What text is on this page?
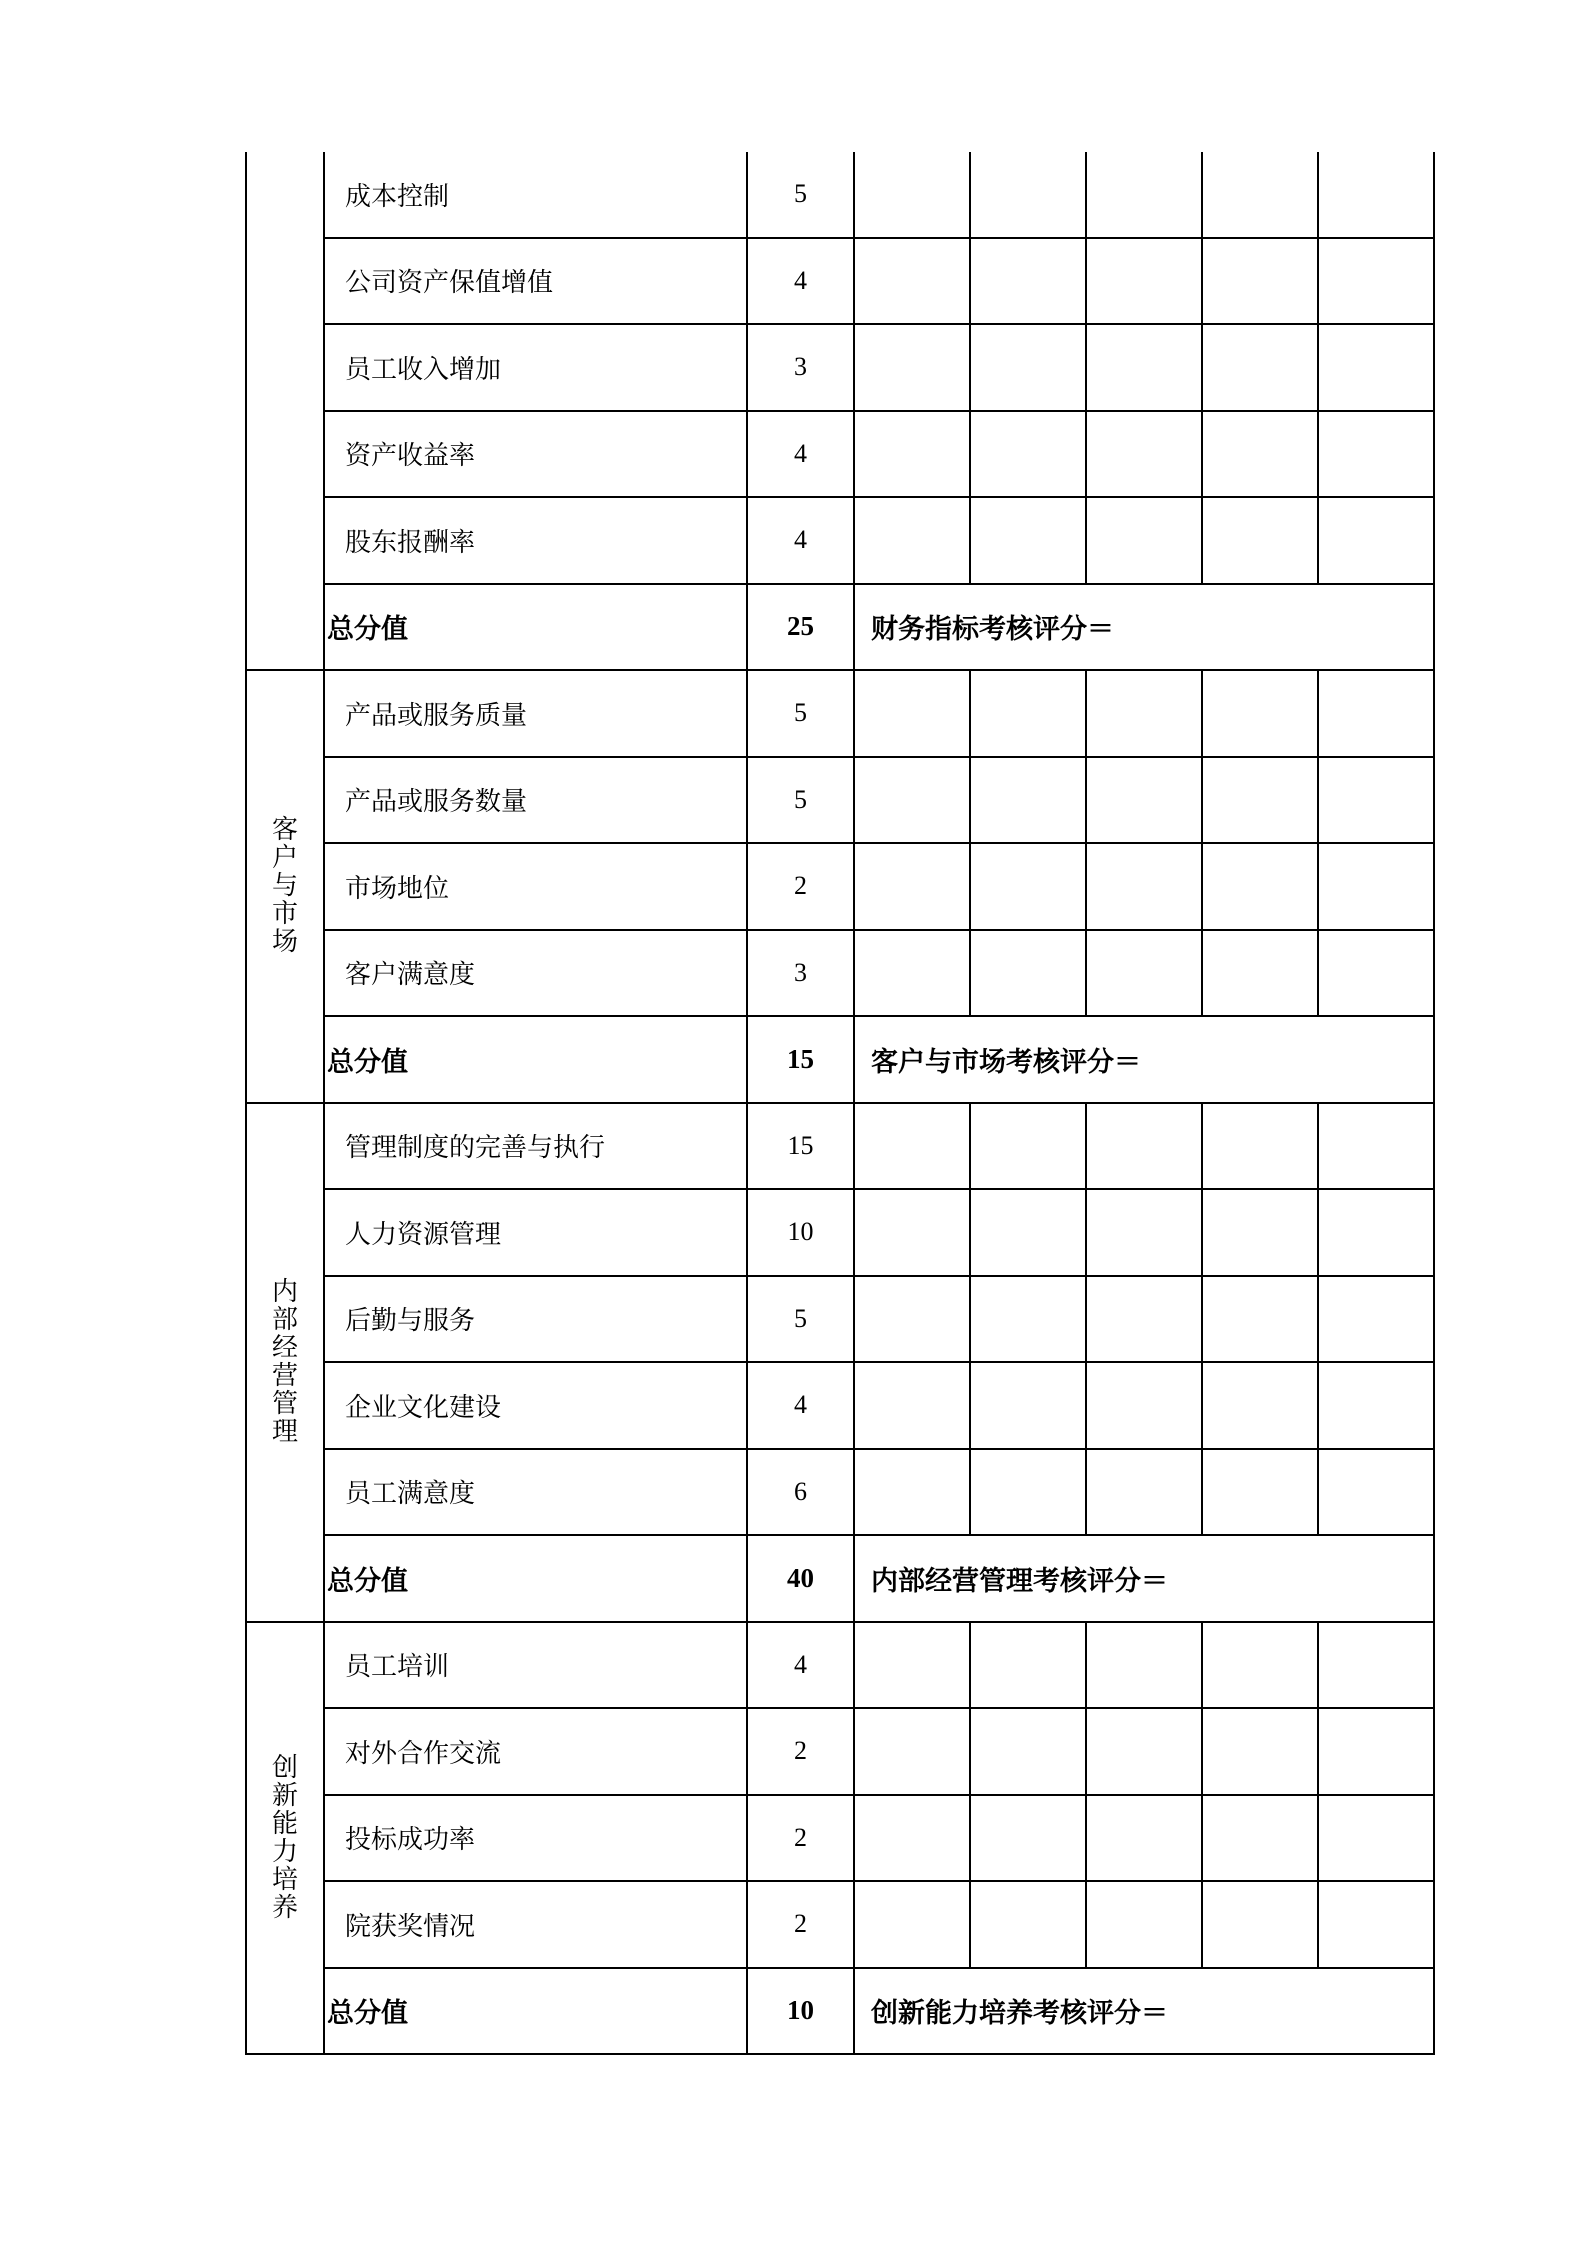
	成本控制	5					
	公司资产保值增值	4					
	员工收入增加	3					
	资产收益率	4					
	股东报酬率	4					
	总分值	25	财务指标考核评分＝				
客户与市场	产品或服务质量	5					
	产品或服务数量	5					
	市场地位	2					
	客户满意度	3					
	总分值	15	客户与市场考核评分＝				
内部经营管理	管理制度的完善与执行	15					
	人力资源管理	10					
	后勤与服务	5					
	企业文化建设	4					
	员工满意度	6					
	总分值	40	内部经营管理考核评分＝				
创新能力培养	员工培训	4					
	对外合作交流	2					
	投标成功率	2					
	院获奖情况	2					
	总分值	10	创新能力培养考核评分＝				
